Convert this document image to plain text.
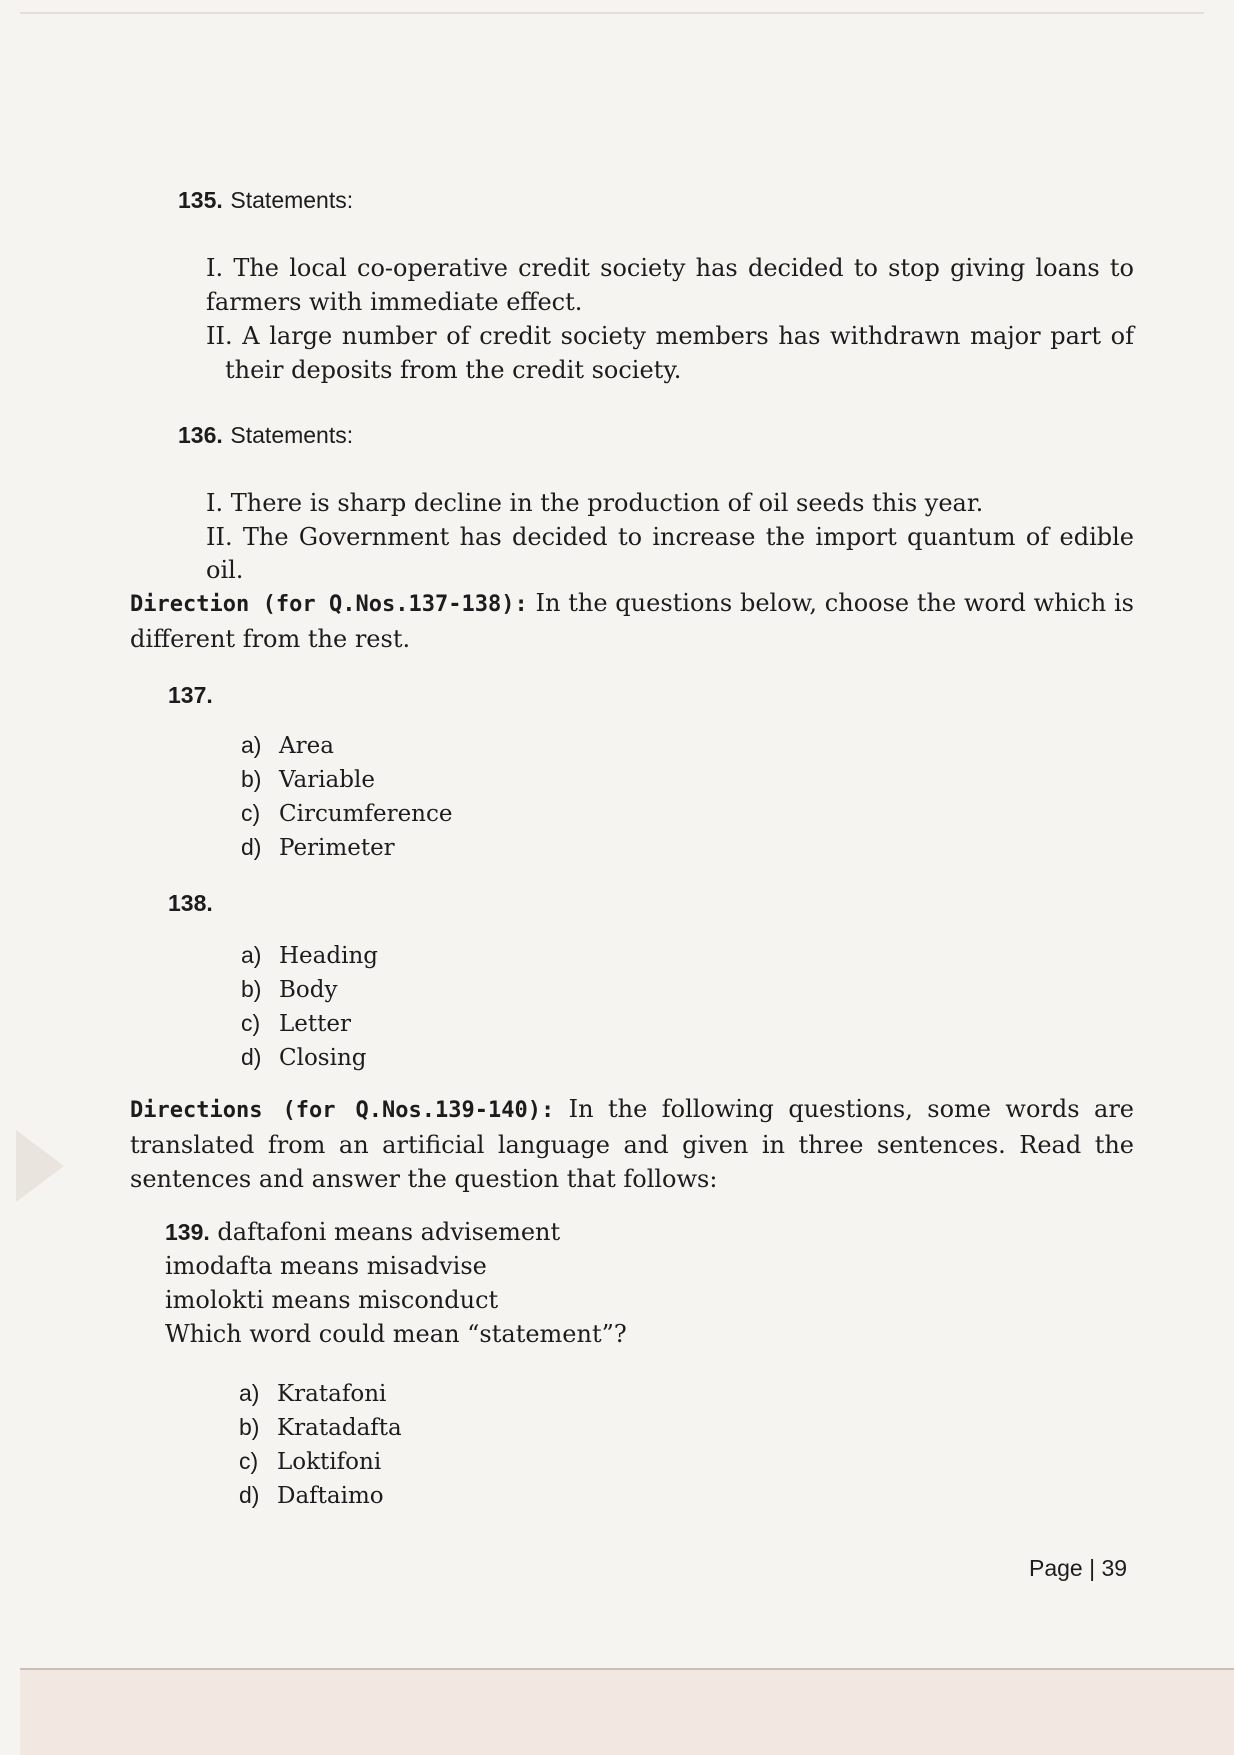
135. Statements:
I. The local co-operative credit society has decided to stop giving loans to
farmers with immediate effect.
II. A large number of credit society members has withdrawn major part of
their deposits from the credit society.
136. Statements:
I. There is sharp decline in the production of oil seeds this year.
II. The Government has decided to increase the import quantum of edible
oil.
Direction (for Q.Nos.137-138): In the questions below, choose the word which is different from the rest.
137.
a) Area
b) Variable
c) Circumference
d) Perimeter
138.
a) Heading
b) Body
c) Letter
d) Closing
Directions (for Q.Nos.139-140): In the following questions, some words are translated from an artificial language and given in three sentences. Read the sentences and answer the question that follows:
139. daftafoni means advisement
imodafta means misadvise
imolokti means misconduct
Which word could mean “statement”?
a) Kratafoni
b) Kratadafta
c) Loktifoni
d) Daftaimo
Page | 39
